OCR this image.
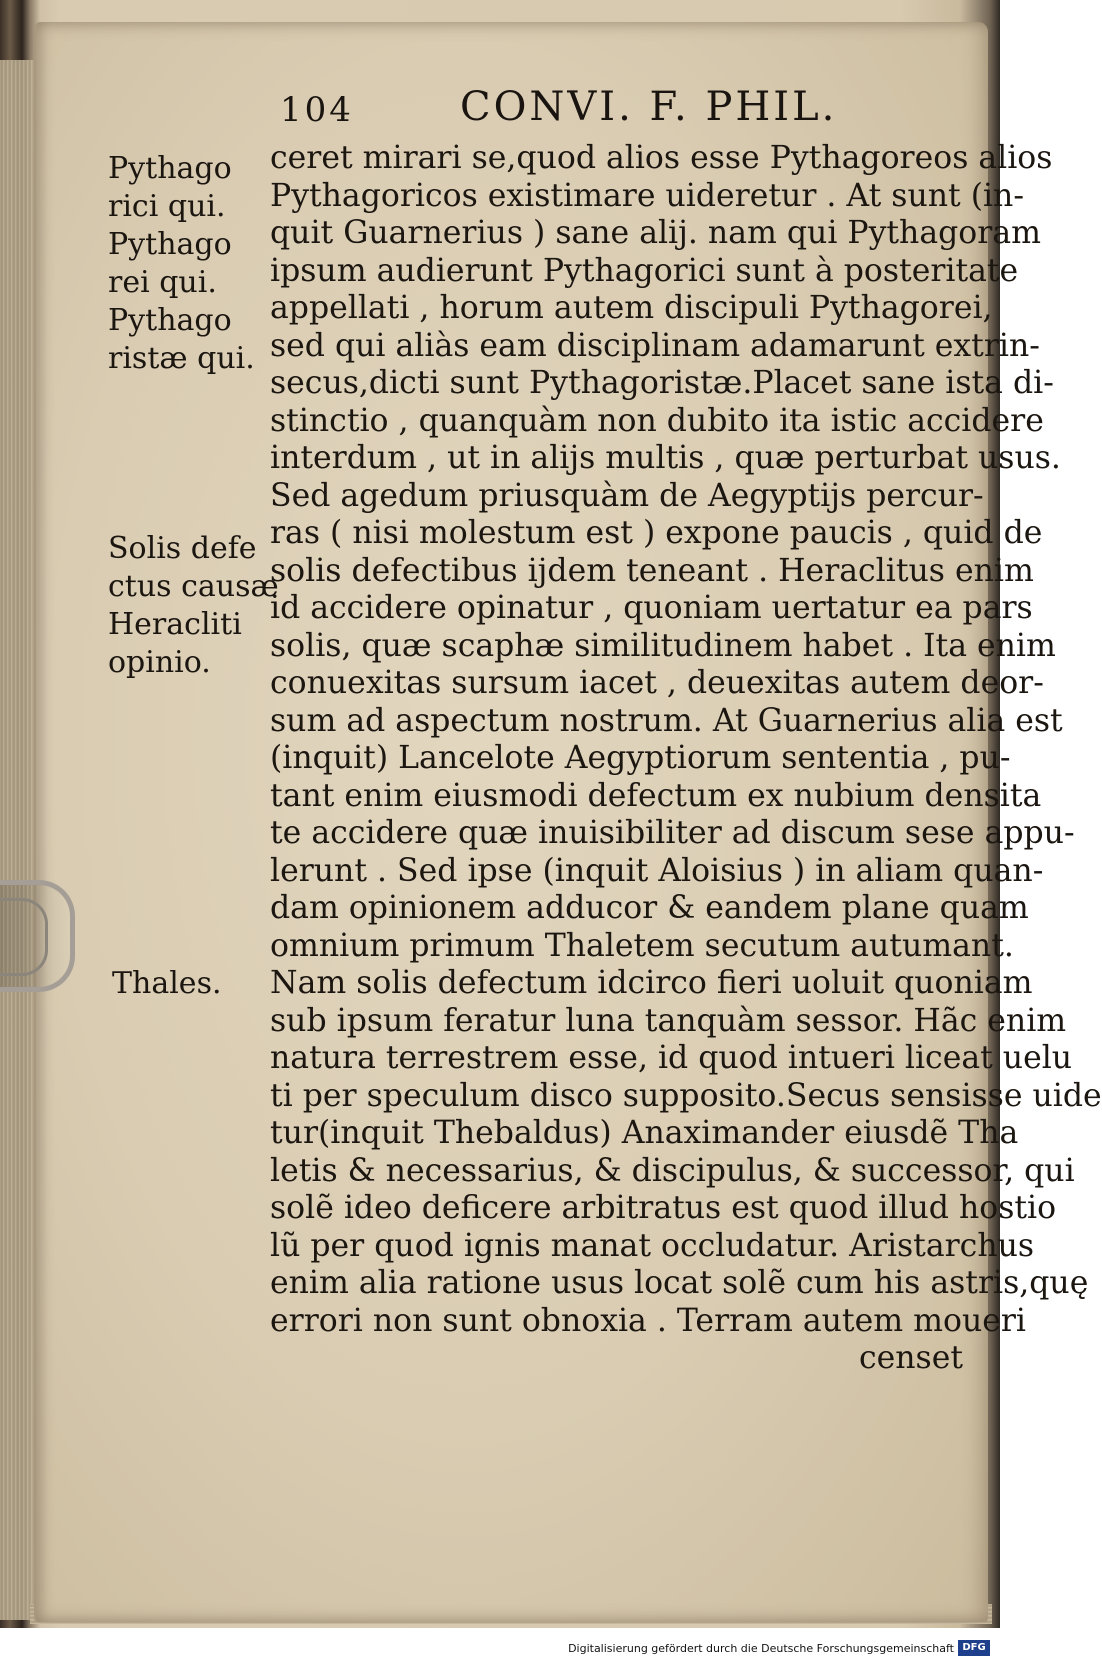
104	CONVI. F. PHIL.
Pythago
rici qui.
Pythago
rei qui.
Pythago
ristæ qui.
Solis defe
ctus causæ
Heracliti
opinio.
Thales.
ceret mirari se,quod alios esse Pythagoreos alios
Pythagoricos existimare uideretur . At sunt (in-
quit Guarnerius ) sane alij. nam qui Pythagoram
ipsum audierunt Pythagorici sunt à posteritate
appellati , horum autem discipuli Pythagorei,
sed qui aliàs eam disciplinam adamarunt extrin-
secus,dicti sunt Pythagoristæ.Placet sane ista di-
stinctio , quanquàm non dubito ita istic accidere
interdum , ut in alijs multis , quæ perturbat usus.
Sed agedum priusquàm de Aegyptijs percur-
ras ( nisi molestum est ) expone paucis , quid de
solis defectibus ijdem teneant . Heraclitus enim
id accidere opinatur , quoniam uertatur ea pars
solis, quæ scaphæ similitudinem habet . Ita enim
conuexitas sursum iacet , deuexitas autem deor-
sum ad aspectum nostrum. At Guarnerius alia est
(inquit) Lancelote Aegyptiorum sententia , pu-
tant enim eiusmodi defectum ex nubium densita
te accidere quæ inuisibiliter ad discum sese appu-
lerunt . Sed ipse (inquit Aloisius ) in aliam quan-
dam opinionem adducor & eandem plane quam
omnium primum Thaletem secutum autumant.
Nam solis defectum idcirco fieri uoluit quoniam
sub ipsum feratur luna tanquàm sessor. Hãc enim
natura terrestrem esse, id quod intueri liceat uelu
ti per speculum disco supposito.Secus sensisse uide
tur(inquit Thebaldus) Anaximander eiusdẽ Tha
letis & necessarius, & discipulus, & successor, qui
solẽ ideo deficere arbitratus est quod illud hostio
lũ per quod ignis manat occludatur. Aristarchus
enim alia ratione usus locat solẽ cum his astris,quę
errori non sunt obnoxia . Terram autem moueri
censet
Digitalisierung gefördert durch die Deutsche Forschungsgemeinschaft DFG
